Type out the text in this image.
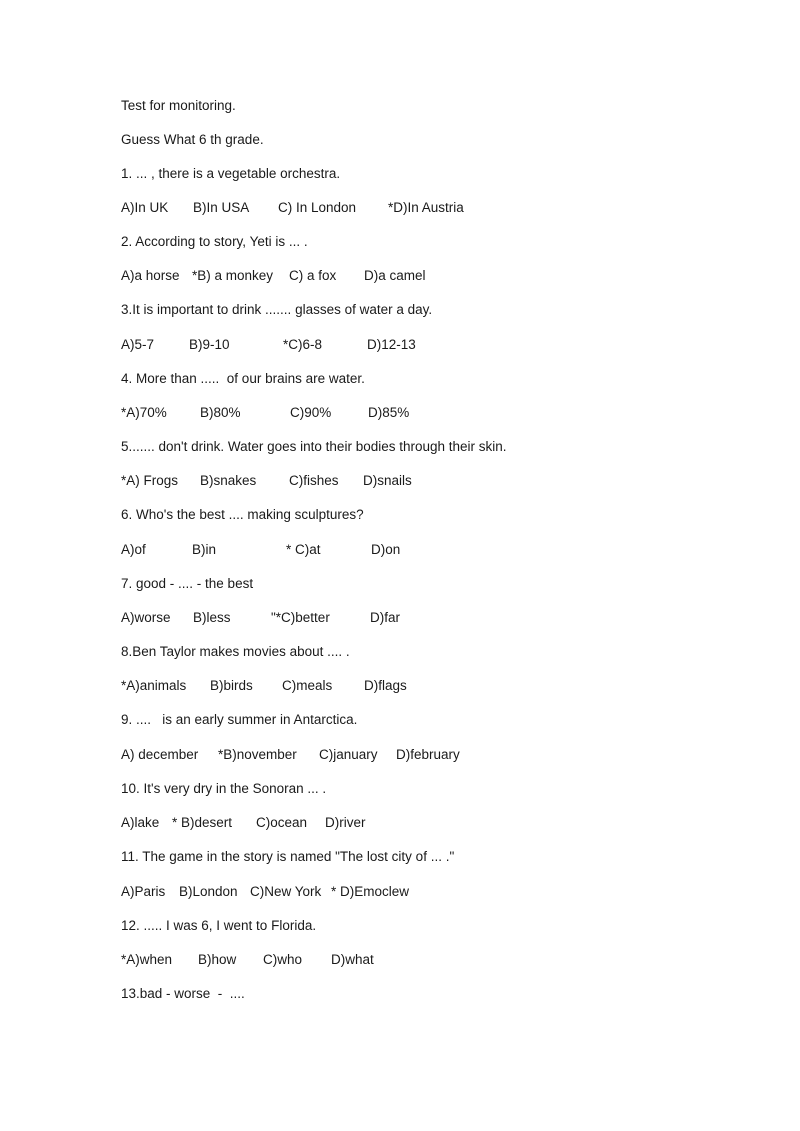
Test for monitoring.
Guess What 6 th grade.
1. ... , there is a vegetable orchestra.
A)In UK B)In USA C) In London *D)In Austria
2. According to story, Yeti is ... .
A)a horse *B) a monkey C) a fox D)a camel
3.It is important to drink ....... glasses of water a day.
A)5-7	B)9-10	*C)6-8	D)12-13
4. More than .....  of our brains are water.
*A)70% B)80%	C)90%	D)85%
5....... don't drink. Water goes into their bodies through their skin.
*A) Frogs B)snakes C)fishes D)snails
6. Who's the best .... making sculptures?
A)of	B)in	* C)at	D)on
7. good - .... - the best
A)worse B)less	"*C)better	D)far
8.Ben Taylor makes movies about .... .
*A)animals B)birds C)meals D)flags
9. ....   is an early summer in Antarctica.
A) december *B)november C)january D)february
10. It's very dry in the Sonoran ... .
A)lake * B)desert C)ocean D)river
11. The game in the story is named "The lost city of ... ."
A)Paris B)London C)New York * D)Emoclew
12. ..... I was 6, I went to Florida.
*A)when B)how C)who D)what
13.bad - worse  -  ....
